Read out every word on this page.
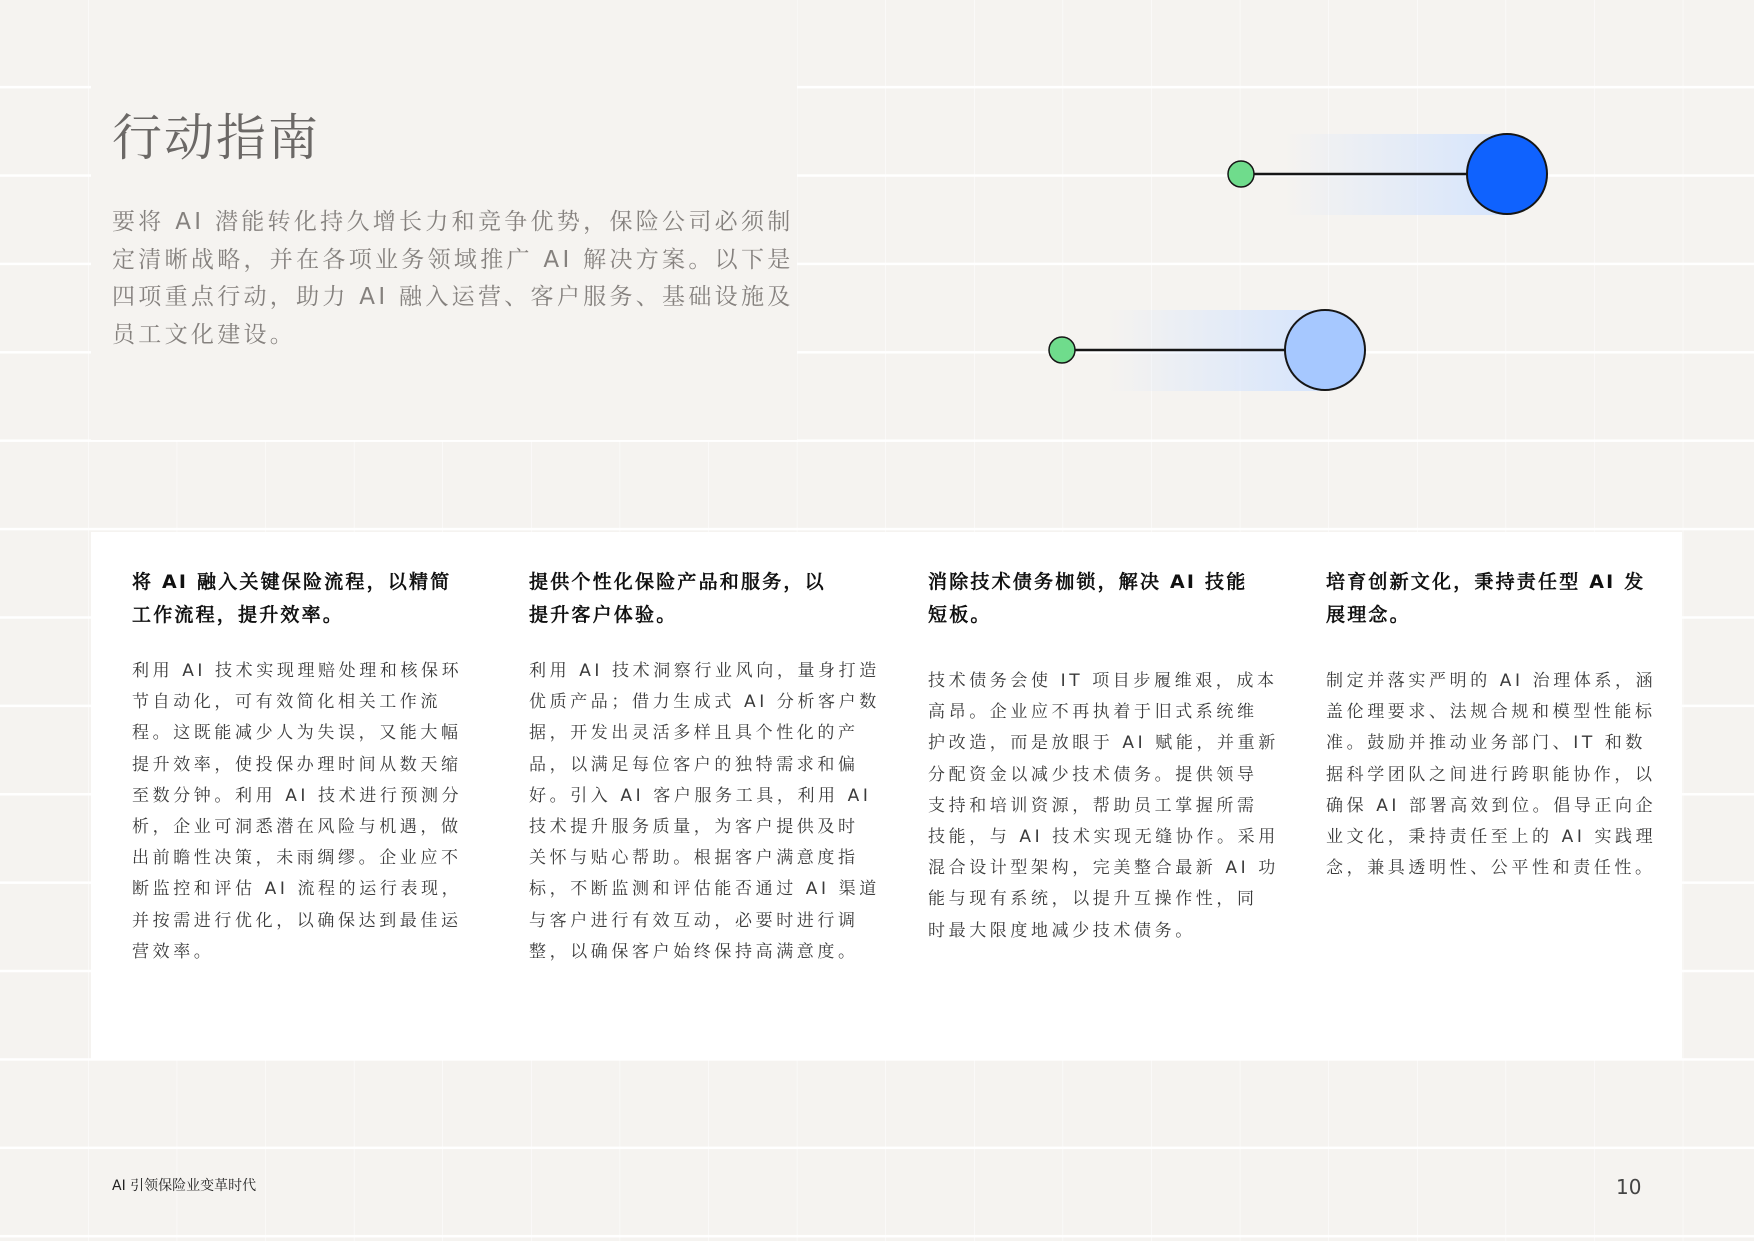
行动指南
要将 AI 潜能转化持久增长力和竞争优势，保险公司必须制
定清晰战略，并在各项业务领域推广 AI 解决方案。以下是
四项重点行动，助力 AI 融入运营、客户服务、基础设施及
员工文化建设。
将 AI 融入关键保险流程，以精简
工作流程，提升效率。
利用 AI 技术实现理赔处理和核保环
节自动化，可有效简化相关工作流
程。这既能减少人为失误，又能大幅
提升效率，使投保办理时间从数天缩
至数分钟。利用 AI 技术进行预测分
析，企业可洞悉潜在风险与机遇，做
出前瞻性决策，未雨绸缪。企业应不
断监控和评估 AI 流程的运行表现，
并按需进行优化，以确保达到最佳运
营效率。
提供个性化保险产品和服务，以
提升客户体验。
利用 AI 技术洞察行业风向，量身打造
优质产品；借力生成式 AI 分析客户数
据，开发出灵活多样且具个性化的产
品，以满足每位客户的独特需求和偏
好。引入 AI 客户服务工具，利用 AI
技术提升服务质量，为客户提供及时
关怀与贴心帮助。根据客户满意度指
标，不断监测和评估能否通过 AI 渠道
与客户进行有效互动，必要时进行调
整，以确保客户始终保持高满意度。
消除技术债务枷锁，解决 AI 技能
短板。
技术债务会使 IT 项目步履维艰，成本
高昂。企业应不再执着于旧式系统维
护改造，而是放眼于 AI 赋能，并重新
分配资金以减少技术债务。提供领导
支持和培训资源，帮助员工掌握所需
技能，与 AI 技术实现无缝协作。采用
混合设计型架构，完美整合最新 AI 功
能与现有系统，以提升互操作性，同
时最大限度地减少技术债务。
培育创新文化，秉持责任型 AI 发
展理念。
制定并落实严明的 AI 治理体系，涵
盖伦理要求、法规合规和模型性能标
准。鼓励并推动业务部门、IT 和数
据科学团队之间进行跨职能协作，以
确保 AI 部署高效到位。倡导正向企
业文化，秉持责任至上的 AI 实践理
念，兼具透明性、公平性和责任性。
AI 引领保险业变革时代	10
